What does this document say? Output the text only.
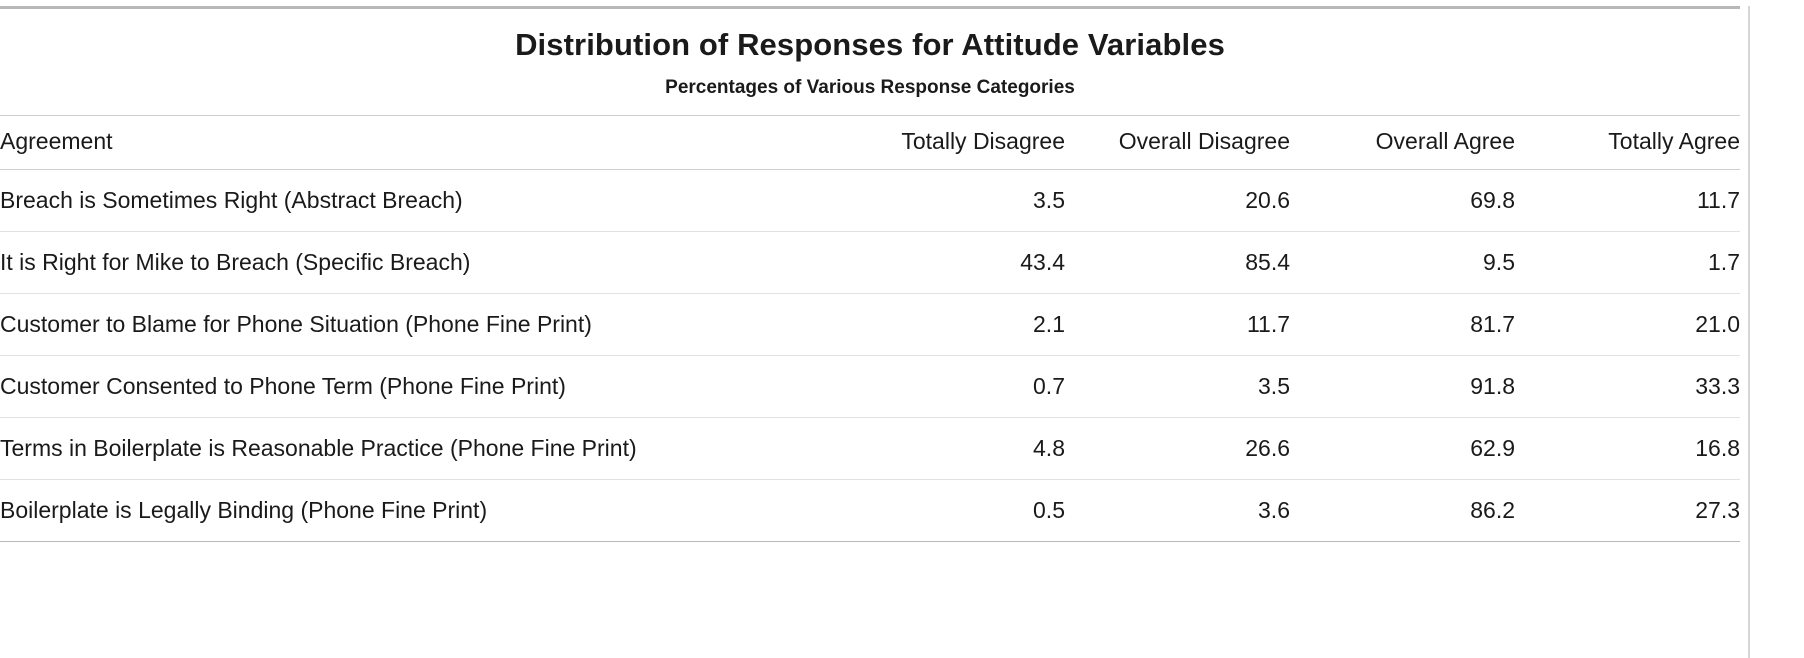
Distribution of Responses for Attitude Variables
Percentages of Various Response Categories
Agreement	Totally Disagree	Overall Disagree	Overall Agree	Totally Agree
Breach is Sometimes Right (Abstract Breach)	3.5	20.6	69.8	11.7
It is Right for Mike to Breach (Specific Breach)	43.4	85.4	9.5	1.7
Customer to Blame for Phone Situation (Phone Fine Print)	2.1	11.7	81.7	21.0
Customer Consented to Phone Term (Phone Fine Print)	0.7	3.5	91.8	33.3
Terms in Boilerplate is Reasonable Practice (Phone Fine Print)	4.8	26.6	62.9	16.8
Boilerplate is Legally Binding (Phone Fine Print)	0.5	3.6	86.2	27.3
